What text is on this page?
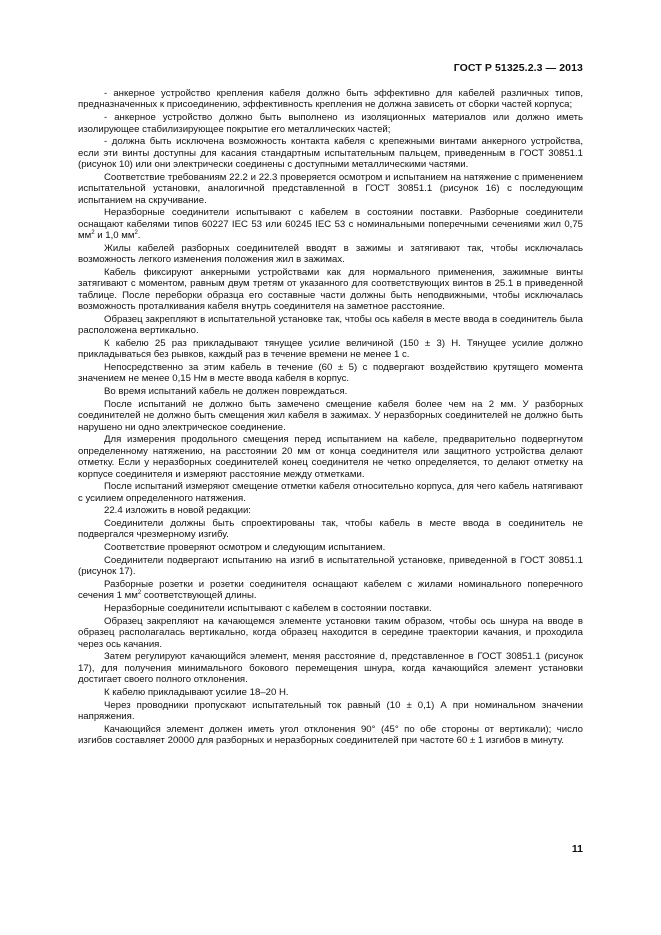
ГОСТ Р 51325.2.3 — 2013

- анкерное устройство крепления кабеля должно быть эффективно для кабелей различных типов, предназначенных к присоединению, эффективность крепления не должна зависеть от сборки частей корпуса;

- анкерное устройство должно быть выполнено из изоляционных материалов или должно иметь изолирующее стабилизирующее покрытие его металлических частей;

- должна быть исключена возможность контакта кабеля с крепежными винтами анкерного устройства, если эти винты доступны для касания стандартным испытательным пальцем, приведенным в ГОСТ 30851.1 (рисунок 10) или они электрически соединены с доступными металлическими частями.

Соответствие требованиям 22.2 и 22.3 проверяется осмотром и испытанием на натяжение с применением испытательной установки, аналогичной представленной в ГОСТ 30851.1 (рисунок 16) с последующим испытанием на скручивание.

Неразборные соединители испытывают с кабелем в состоянии поставки. Разборные соединители оснащают кабелями типов 60227 IEC 53 или 60245 IEC 53 с номинальными поперечными сечениями жил 0,75 $мм^2$ и 1,0 $мм^2$.

Жилы кабелей разборных соединителей вводят в зажимы и затягивают так, чтобы исключалась возможность легкого изменения положения жил в зажимах.

Кабель фиксируют анкерными устройствами как для нормального применения, зажимные винты затягивают с моментом, равным двум третям от указанного для соответствующих винтов в 25.1 в приведенной таблице. После переборки образца его составные части должны быть неподвижными, чтобы исключалась возможность проталкивания кабеля внутрь соединителя на заметное расстояние.

Образец закрепляют в испытательной установке так, чтобы ось кабеля в месте ввода в соединитель была расположена вертикально.

К кабелю 25 раз прикладывают тянущее усилие величиной (150 ± 3) Н. Тянущее усилие должно прикладываться без рывков, каждый раз в течение времени не менее 1 с.

Непосредственно за этим кабель в течение (60 ± 5) с подвергают воздействию крутящего момента значением не менее 0,15 Нм в месте ввода кабеля в корпус.

Во время испытаний кабель не должен повреждаться.

После испытаний не должно быть замечено смещение кабеля более чем на 2 мм. У разборных соединителей не должно быть смещения жил кабеля в зажимах. У неразборных соединителей не должно быть нарушено ни одно электрическое соединение.

Для измерения продольного смещения перед испытанием на кабеле, предварительно подвергнутом определенному натяжению, на расстоянии 20 мм от конца соединителя или защитного устройства делают отметку. Если у неразборных соединителей конец соединителя не четко определяется, то делают отметку на корпусе соединителя и измеряют расстояние между отметками.

После испытаний измеряют смещение отметки кабеля относительно корпуса, для чего кабель натягивают с усилием определенного натяжения.

22.4 изложить в новой редакции:

Соединители должны быть спроектированы так, чтобы кабель в месте ввода в соединитель не подвергался чрезмерному изгибу.

Соответствие проверяют осмотром и следующим испытанием.

Соединители подвергают испытанию на изгиб в испытательной установке, приведенной в ГОСТ 30851.1 (рисунок 17).

Разборные розетки и розетки соединителя оснащают кабелем с жилами номинального поперечного сечения 1 $мм^2$ соответствующей длины.

Неразборные соединители испытывают с кабелем в состоянии поставки.

Образец закрепляют на качающемся элементе установки таким образом, чтобы ось шнура на вводе в образец располагалась вертикально, когда образец находится в середине траектории качания, и проходила через ось качания.

Затем регулируют качающийся элемент, меняя расстояние d, представленное в ГОСТ 30851.1 (рисунок 17), для получения минимального бокового перемещения шнура, когда качающийся элемент установки достигает своего полного отклонения.

К кабелю прикладывают усилие 18–20 Н.

Через проводники пропускают испытательный ток равный (10 ± 0,1) А при номинальном значении напряжения.

Качающийся элемент должен иметь угол отклонения 90° (45° по обе стороны от вертикали); число изгибов составляет 20000 для разборных и неразборных соединителей при частоте 60 ± 1 изгибов в минуту.

11
